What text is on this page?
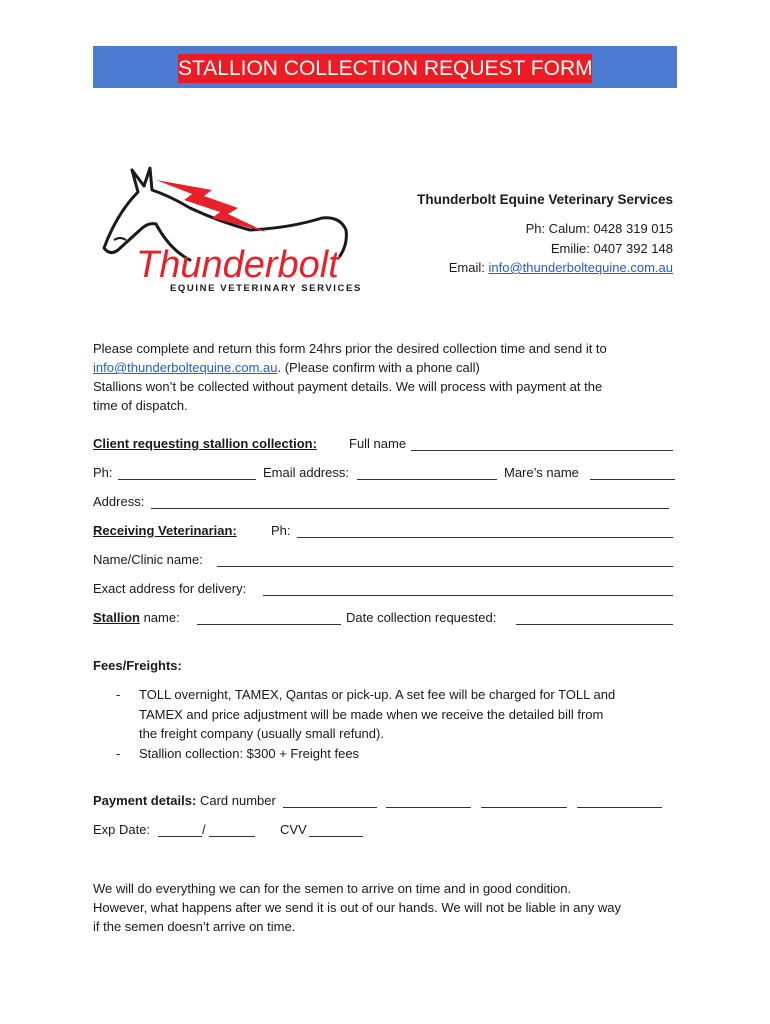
STALLION COLLECTION REQUEST FORM
Thunderbolt
EQUINE VETERINARY SERVICES
Thunderbolt Equine Veterinary Services
Ph: Calum: 0428 319 015
Emilie: 0407 392 148
Email: info@thunderboltequine.com.au
Please complete and return this form 24hrs prior the desired collection time and send it to
info@thunderboltequine.com.au. (Please confirm with a phone call)
Stallions won’t be collected without payment details. We will process with payment at the
time of dispatch.
Client requesting stallion collection: Full name
Ph:	Email address:	Mare’s name
Address:
Receiving Veterinarian:	Ph:
Name/Clinic name:
Exact address for delivery:
Stallion name:	Date collection requested:
Fees/Freights:
- TOLL overnight, TAMEX, Qantas or pick-up. A set fee will be charged for TOLL and
TAMEX and price adjustment will be made when we receive the detailed bill from
the freight company (usually small refund).
- Stallion collection: $300 + Freight fees
Payment details: Card number
Exp Date:	/	CVV
We will do everything we can for the semen to arrive on time and in good condition.
However, what happens after we send it is out of our hands. We will not be liable in any way
if the semen doesn’t arrive on time.
